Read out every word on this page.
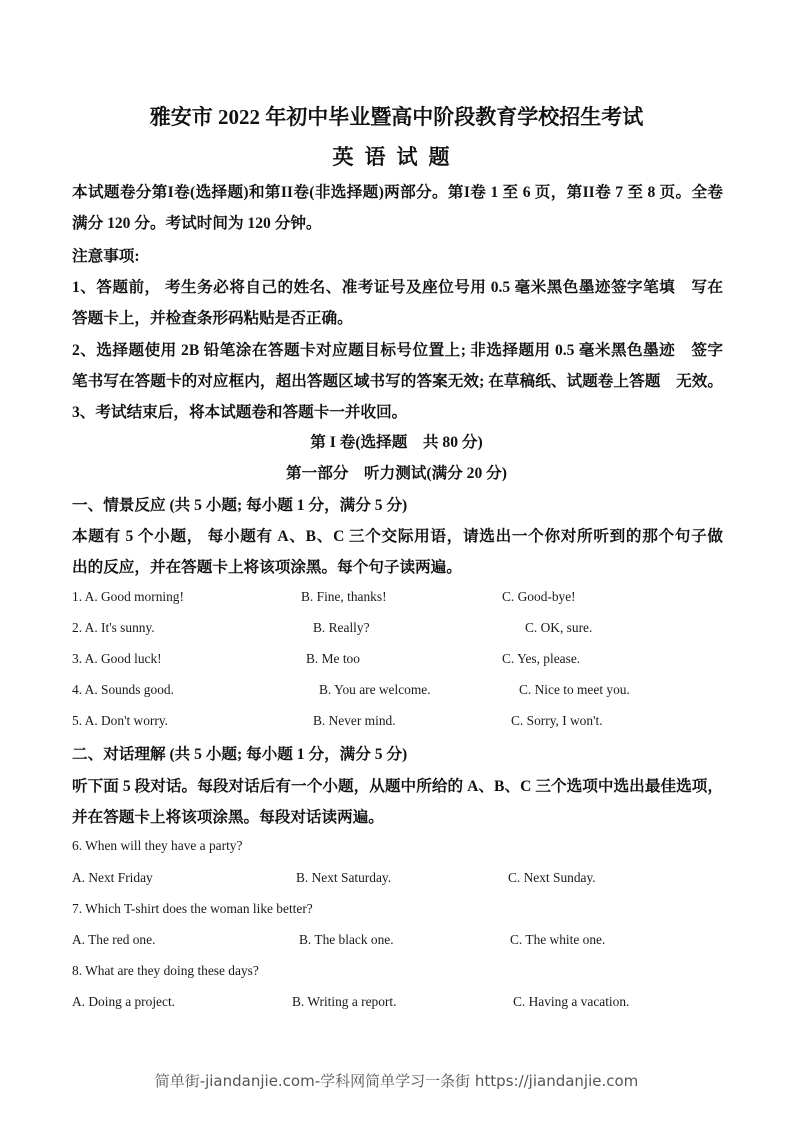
雅安市 2022 年初中毕业暨高中阶段教育学校招生考试
英语试题
本试题卷分第I卷(选择题)和第II卷(非选择题)两部分。第I卷 1 至 6 页，第II卷 7 至 8 页。全卷
满分 120 分。考试时间为 120 分钟。
注意事项:
1、答题前， 考生务必将自己的姓名、准考证号及座位号用 0.5 毫米黑色墨迹签字笔填　写在
答题卡上，并检查条形码粘贴是否正确。
2、选择题使用 2B 铅笔涂在答题卡对应题目标号位置上; 非选择题用 0.5 毫米黑色墨迹　签字
笔书写在答题卡的对应框内，超出答题区域书写的答案无效; 在草稿纸、试题卷上答题　无效。
3、考试结束后，将本试题卷和答题卡一并收回。
第 I 卷(选择题　共 80 分)
第一部分　听力测试(满分 20 分)
一、情景反应 (共 5 小题; 每小题 1 分，满分 5 分)
本题有 5 个小题， 每小题有 A、B、C 三个交际用语，请选出一个你对所听到的那个句子做
出的反应，并在答题卡上将该项涂黑。每个句子读两遍。
1. A. Good morning!	B. Fine, thanks!	C. Good-bye!
2. A. It's sunny.	B. Really?	C. OK, sure.
3. A. Good luck!	B. Me too	C. Yes, please.
4. A. Sounds good.	B. You are welcome.	C. Nice to meet you.
5. A. Don't worry.	B. Never mind.	C. Sorry, I won't.
二、对话理解 (共 5 小题; 每小题 1 分，满分 5 分)
听下面 5 段对话。每段对话后有一个小题，从题中所给的 A、B、C 三个选项中选出最佳选项，
并在答题卡上将该项涂黑。每段对话读两遍。
6. When will they have a party?
A. Next Friday	B. Next Saturday.	C. Next Sunday.
7. Which T-shirt does the woman like better?
A. The red one.	B. The black one.	C. The white one.
8. What are they doing these days?
A. Doing a project.	B. Writing a report.	C. Having a vacation.
简单街-jiandanjie.com-学科网简单学习一条街 https://jiandanjie.com
